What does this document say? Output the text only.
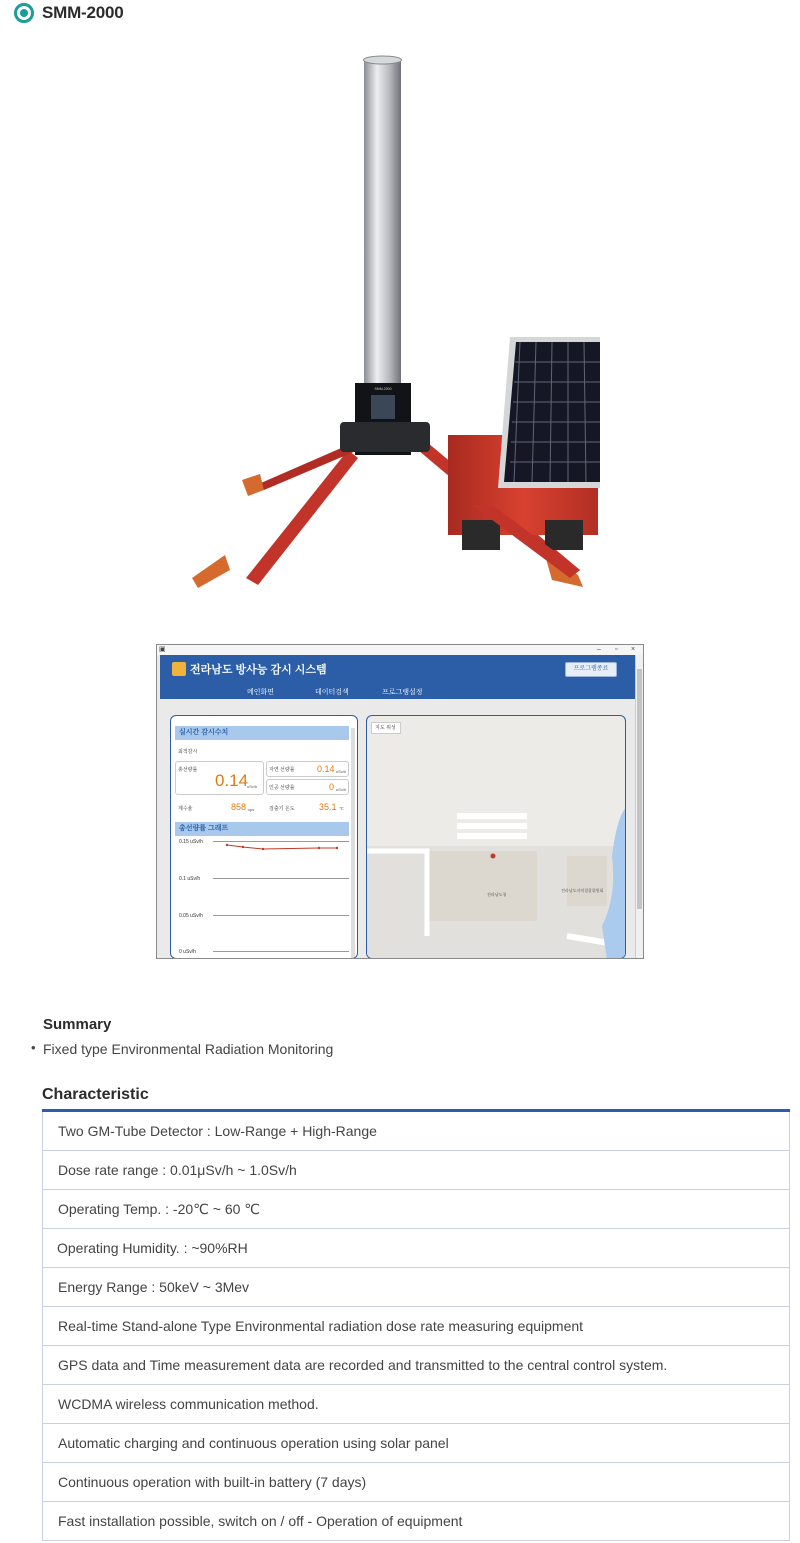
SMM-2000
SMM-2000
▣	– ▫ ×
전라남도 방사능 감시 시스템	프로그램종료
메인화면	데이터검색	프로그램설정
실시간 감시수치
최적감시
총선량률
0.14
uSv/h
자연 선량률 0.14 uSv/h
인공 선량률	0 uSv/h
계수율	858 cps	검출기 온도	35.1 ℃
총선량률 그래프
0.15 uSv/h
0.1 uSv/h
0.05 uSv/h
0 uSv/h
지도 위성
전라남도청
전라남도자치경찰위원회
Summary
• Fixed type Environmental Radiation Monitoring
Characteristic
Two GM-Tube Detector : Low-Range + High-Range
Dose rate range : 0.01μSv/h ~ 1.0Sv/h
Operating Temp. : -20℃ ~ 60 ℃
Operating Humidity. : ~90%RH
Energy Range : 50keV ~ 3Mev
Real-time Stand-alone Type Environmental radiation dose rate measuring equipment
GPS data and Time measurement data are recorded and transmitted to the central control system.
WCDMA wireless communication method.
Automatic charging and continuous operation using solar panel
Continuous operation with built-in battery (7 days)
Fast installation possible, switch on / off - Operation of equipment
